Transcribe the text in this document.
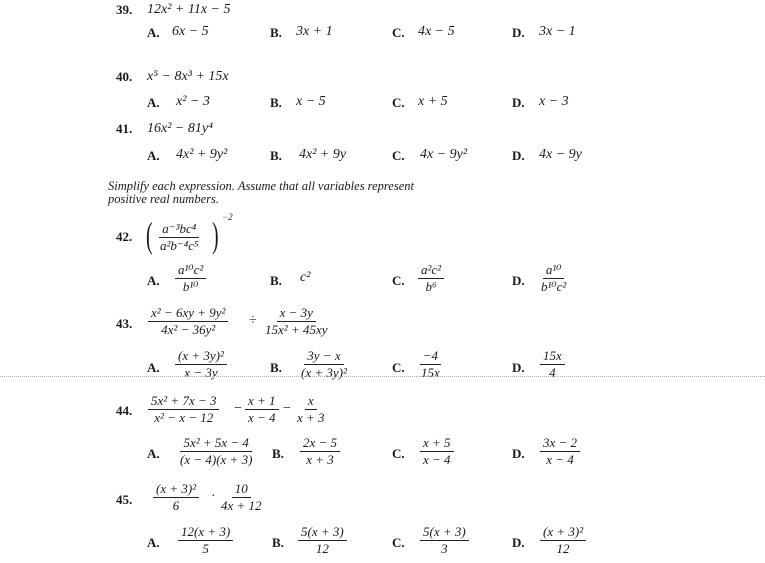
39. 12x² + 11x − 5
A. 6x − 5	B. 3x + 1	C. 4x − 5	D. 3x − 1
40. x⁵ − 8x³ + 15x
A. x² − 3	B. x − 5	C. x + 5	D. x − 3
41. 16x² − 81y⁴
A. 4x² + 9y²	B. 4x² + 9y	C. 4x − 9y²	D. 4x − 9y
Simplify each expression. Assume that all variables represent
positive real numbers.
42. ( $\frac{\text{a⁻³bc⁴}}{\text{a²b⁻⁴c⁵}}$ ) −2
A. $\frac{\text{a¹⁰c²}}{\text{b¹⁰}}$	B. c²	C. $\frac{\text{a²c²}}{\text{b⁶}}$	D. $\frac{\text{a¹⁰}}{\text{b¹⁰c²}}$
43. $\frac{\text{x² − 6xy + 9y²}}{\text{4x² − 36y²}} \div \frac{x - 3y}{\text{15x² + 45xy}}$
A. $\frac{\text{(x + 3y)²}}{x - 3y}$	B. $\frac{3y - x}{\text{(x + 3y)²}}$	C. $\frac{-4}{15x}$	D. $\frac{15x}{4}$
44. $\frac{\text{5x² + 7x − 3}}{\text{x² − x − 12}} - \frac{x + 1}{x - 4} - \frac{x}{x + 3}$
A. $\frac{\text{5x² + 5x − 4}}{(x - 4)(x + 3)} B$. $\frac{2x - 5}{x + 3}$	C. $\frac{x + 5}{x - 4}$	D. $\frac{3x - 2}{x - 4}$
45. $\frac{\text{(x + 3)²}}{6} \cdot \frac{10}{4x + 12}$
A. $\frac{12(x + 3)}{5}$	B. $\frac{5(x + 3)}{12}$	C. $\frac{5(x + 3)}{3}$	D. $\frac{\text{(x + 3)²}}{12}$
